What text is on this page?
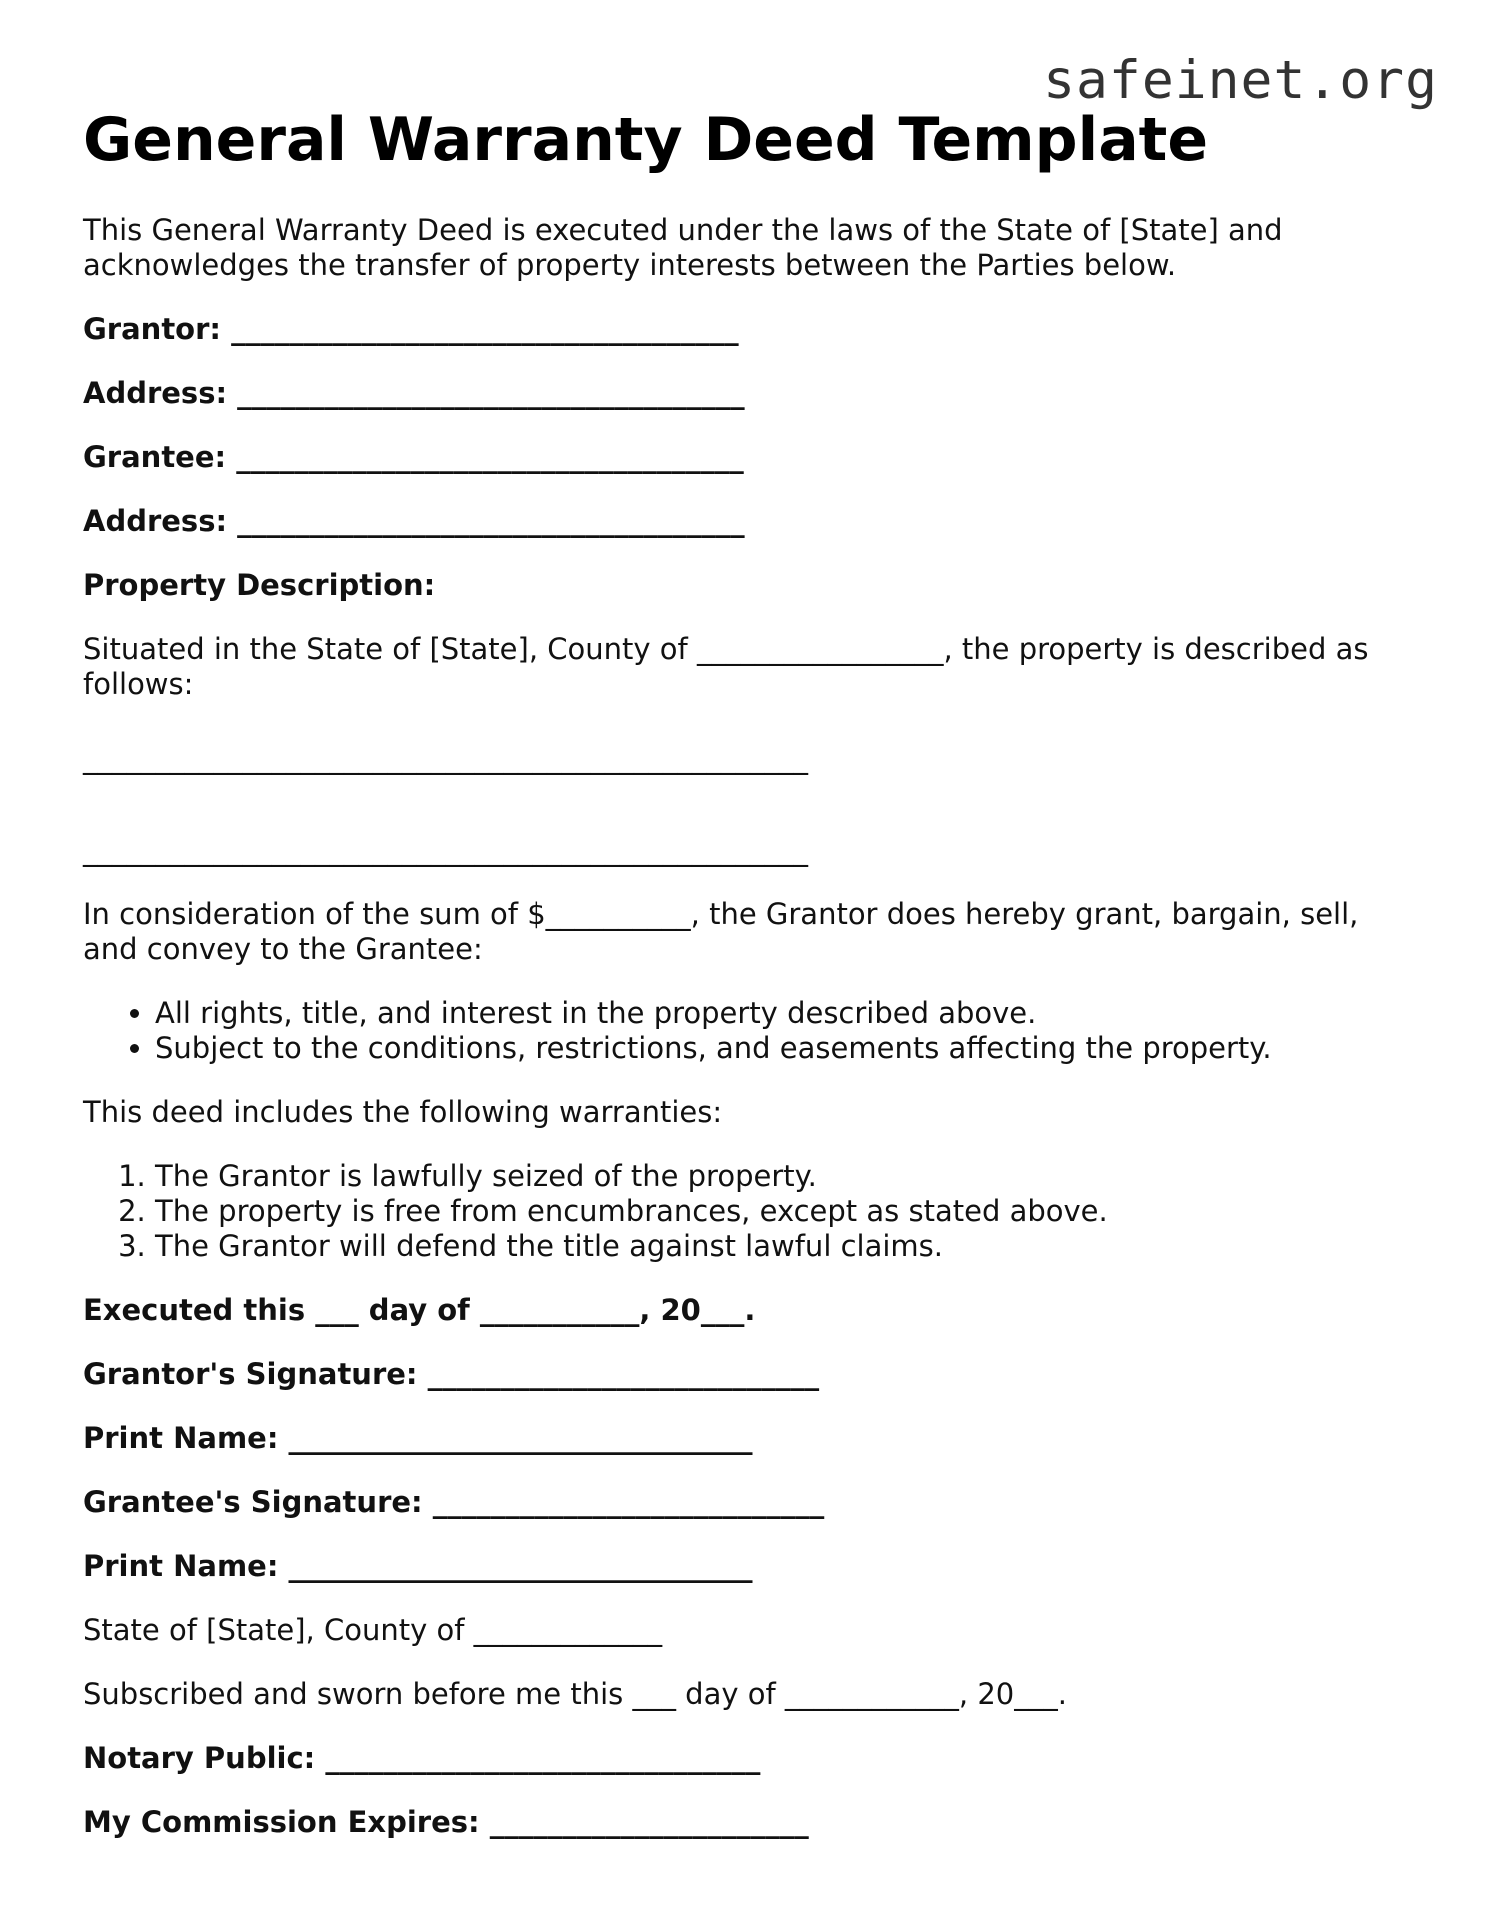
safeinet.org
General Warranty Deed Template

This General Warranty Deed is executed under the laws of the State of [State] and acknowledges the transfer of property interests between the Parties below.

Grantor: ___________________________________
Address: ___________________________________
Grantee: ___________________________________
Address: ___________________________________
Property Description:

Situated in the State of [State], County of _________________, the property is described as follows:

__________________________________________________
__________________________________________________

In consideration of the sum of $__________, the Grantor does hereby grant, bargain, sell, and convey to the Grantee:

• All rights, title, and interest in the property described above.
• Subject to the conditions, restrictions, and easements affecting the property.

This deed includes the following warranties:

1. The Grantor is lawfully seized of the property.
2. The property is free from encumbrances, except as stated above.
3. The Grantor will defend the title against lawful claims.
Executed this ___ day of ___________, 20___.
Grantor's Signature: ___________________________
Print Name: ________________________________
Grantee's Signature: ___________________________
Print Name: ________________________________

State of [State], County of _____________

Subscribed and sworn before me this ___ day of ____________, 20___.

Notary Public: ______________________________
My Commission Expires: ______________________
